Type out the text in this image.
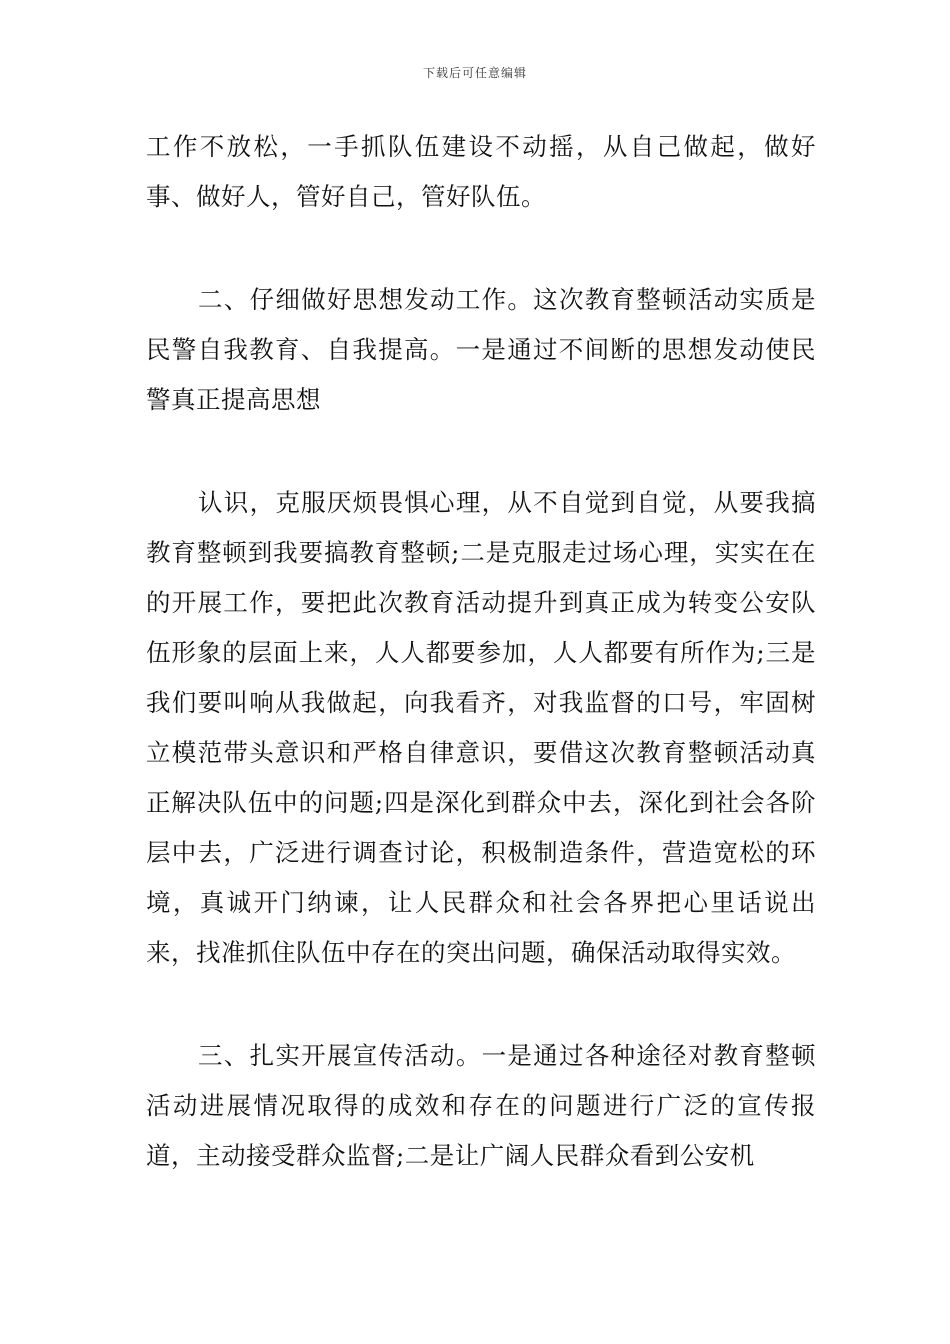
下载后可任意编辑

工作不放松，一手抓队伍建设不动摇，从自己做起，做好事、做好人，管好自己，管好队伍。

二、仔细做好思想发动工作。这次教育整顿活动实质是民警自我教育、自我提高。一是通过不间断的思想发动使民警真正提高思想

认识，克服厌烦畏惧心理，从不自觉到自觉，从要我搞教育整顿到我要搞教育整顿;二是克服走过场心理，实实在在的开展工作，要把此次教育活动提升到真正成为转变公安队伍形象的层面上来，人人都要参加，人人都要有所作为;三是我们要叫响从我做起，向我看齐，对我监督的口号，牢固树立模范带头意识和严格自律意识，要借这次教育整顿活动真正解决队伍中的问题;四是深化到群众中去，深化到社会各阶层中去，广泛进行调查讨论，积极制造条件，营造宽松的环境，真诚开门纳谏，让人民群众和社会各界把心里话说出来，找准抓住队伍中存在的突出问题，确保活动取得实效。

三、扎实开展宣传活动。一是通过各种途径对教育整顿活动进展情况取得的成效和存在的问题进行广泛的宣传报道，主动接受群众监督;二是让广阔人民群众看到公安机
